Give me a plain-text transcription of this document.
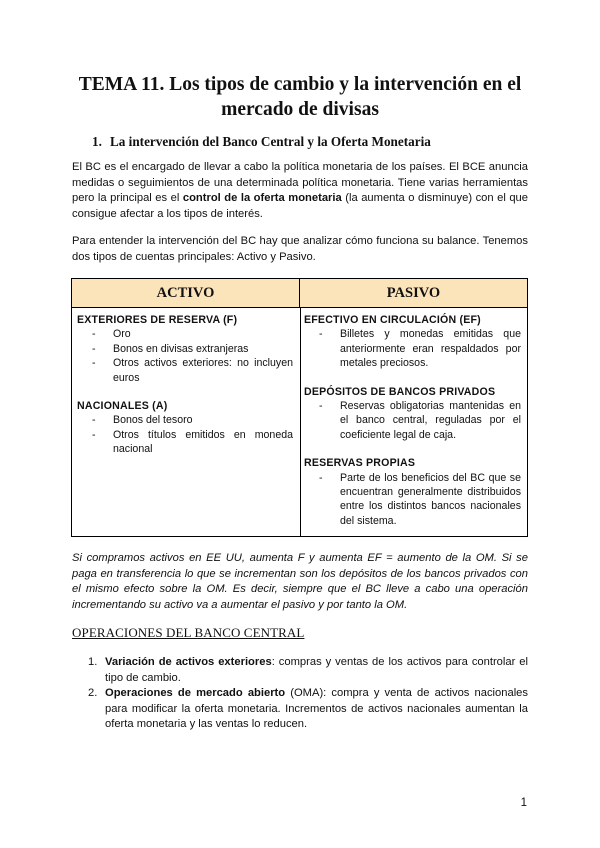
TEMA 11. Los tipos de cambio y la intervención en el mercado de divisas
1. La intervención del Banco Central y la Oferta Monetaria
El BC es el encargado de llevar a cabo la política monetaria de los países. El BCE anuncia medidas o seguimientos de una determinada política monetaria. Tiene varias herramientas pero la principal es el control de la oferta monetaria (la aumenta o disminuye) con el que consigue afectar a los tipos de interés.
Para entender la intervención del BC hay que analizar cómo funciona su balance. Tenemos dos tipos de cuentas principales: Activo y Pasivo.
ACTIVO	PASIVO
EXTERIORES DE RESERVA (F)
- Oro
- Bonos en divisas extranjeras
- Otros activos exteriores: no incluyen euros
NACIONALES (A)
- Bonos del tesoro
- Otros títulos emitidos en moneda nacional
EFECTIVO EN CIRCULACIÓN (EF)
- Billetes y monedas emitidas que anteriormente eran respaldados por metales preciosos.
DEPÓSITOS DE BANCOS PRIVADOS
- Reservas obligatorias mantenidas en el banco central, reguladas por el coeficiente legal de caja.
RESERVAS PROPIAS
- Parte de los beneficios del BC que se encuentran generalmente distribuidos entre los distintos bancos nacionales del sistema.
Si compramos activos en EE UU, aumenta F y aumenta EF = aumento de la OM. Si se paga en transferencia lo que se incrementan son los depósitos de los bancos privados con el mismo efecto sobre la OM. Es decir, siempre que el BC lleve a cabo una operación incrementando su activo va a aumentar el pasivo y por tanto la OM.
OPERACIONES DEL BANCO CENTRAL
1. Variación de activos exteriores: compras y ventas de los activos para controlar el tipo de cambio.
2. Operaciones de mercado abierto (OMA): compra y venta de activos nacionales para modificar la oferta monetaria. Incrementos de activos nacionales aumentan la oferta monetaria y las ventas lo reducen.
1
